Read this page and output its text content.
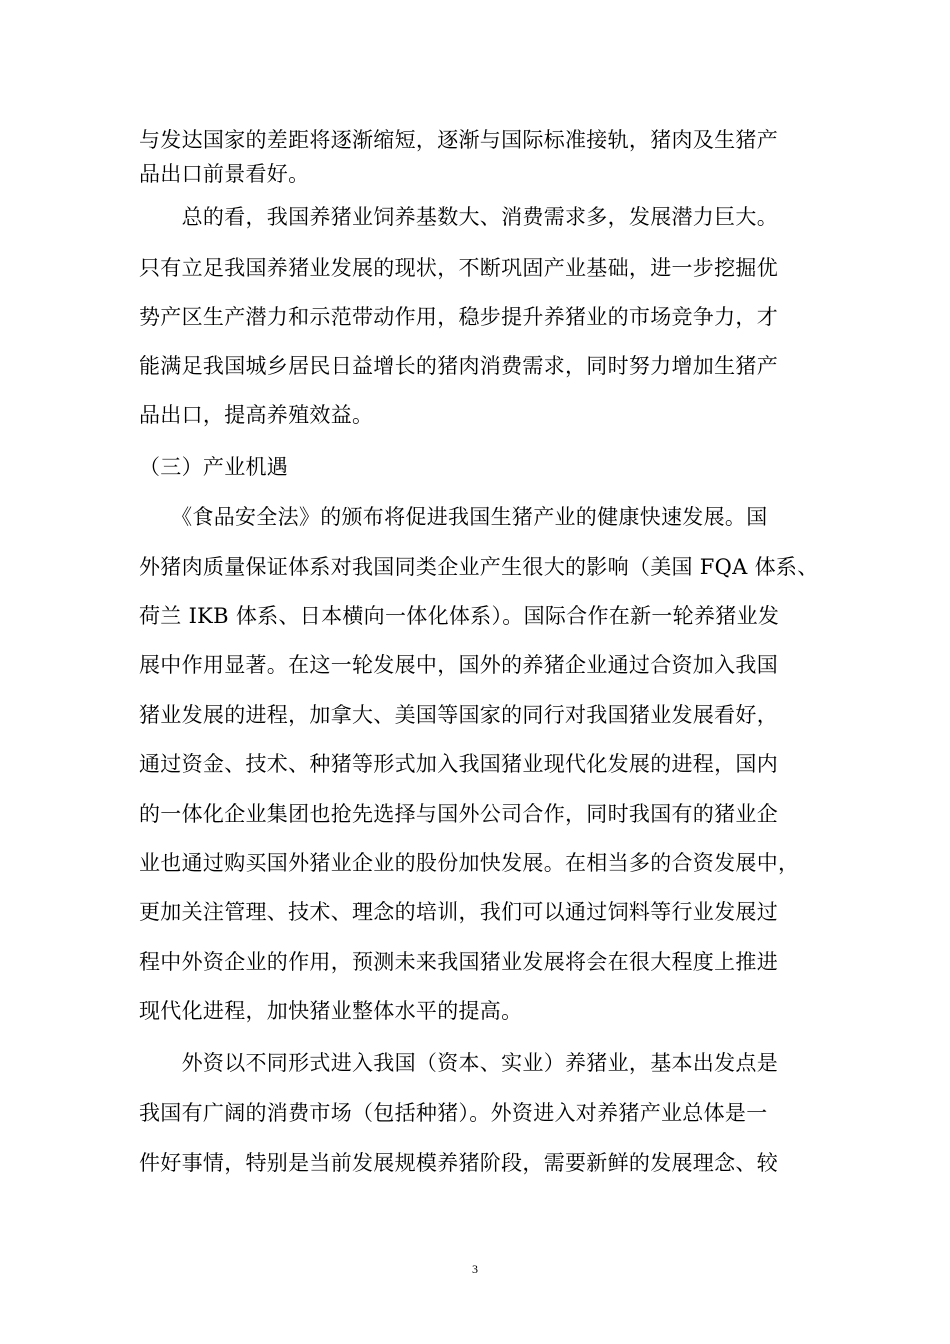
与发达国家的差距将逐渐缩短，逐渐与国际标准接轨，猪肉及生猪产
品出口前景看好。
　　总的看，我国养猪业饲养基数大、消费需求多，发展潜力巨大。
只有立足我国养猪业发展的现状，不断巩固产业基础，进一步挖掘优
势产区生产潜力和示范带动作用，稳步提升养猪业的市场竞争力，才
能满足我国城乡居民日益增长的猪肉消费需求，同时努力增加生猪产
品出口，提高养殖效益。
（三）产业机遇
　　《食品安全法》的颁布将促进我国生猪产业的健康快速发展。国
外猪肉质量保证体系对我国同类企业产生很大的影响（美国 FQA 体系、
荷兰 IKB 体系、日本横向一体化体系）。国际合作在新一轮养猪业发
展中作用显著。在这一轮发展中，国外的养猪企业通过合资加入我国
猪业发展的进程，加拿大、美国等国家的同行对我国猪业发展看好，
通过资金、技术、种猪等形式加入我国猪业现代化发展的进程，国内
的一体化企业集团也抢先选择与国外公司合作，同时我国有的猪业企
业也通过购买国外猪业企业的股份加快发展。在相当多的合资发展中，
更加关注管理、技术、理念的培训，我们可以通过饲料等行业发展过
程中外资企业的作用，预测未来我国猪业发展将会在很大程度上推进
现代化进程，加快猪业整体水平的提高。
　　外资以不同形式进入我国（资本、实业）养猪业，基本出发点是
我国有广阔的消费市场（包括种猪）。外资进入对养猪产业总体是一
件好事情，特别是当前发展规模养猪阶段，需要新鲜的发展理念、较
3
